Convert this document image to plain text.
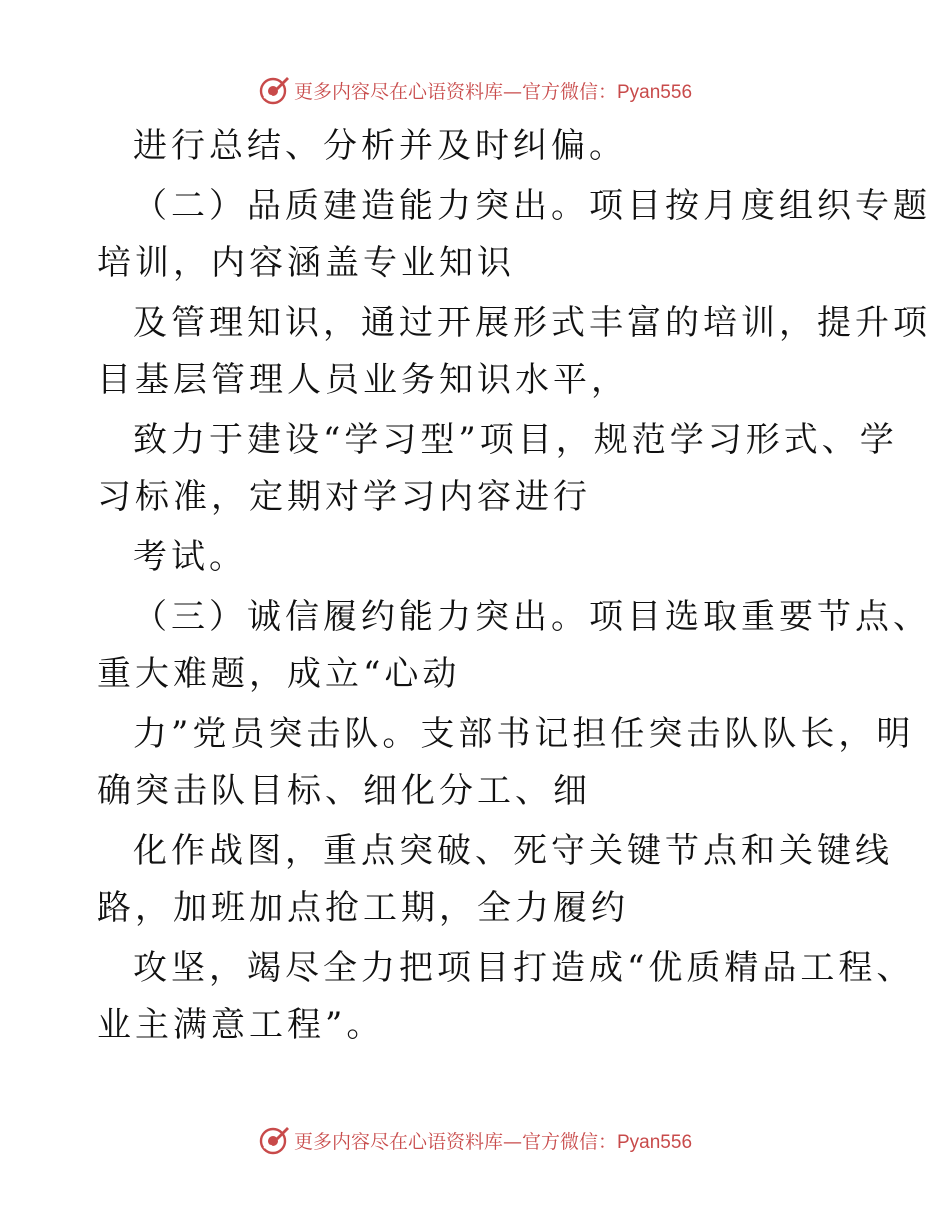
更多内容尽在心语资料库—官方微信：Pyan556
进行总结、分析并及时纠偏。
（二）品质建造能力突出。项目按月度组织专题
培训，内容涵盖专业知识
及管理知识，通过开展形式丰富的培训，提升项
目基层管理人员业务知识水平，
致力于建设“学习型”项目，规范学习形式、学
习标准，定期对学习内容进行
考试。
（三）诚信履约能力突出。项目选取重要节点、
重大难题，成立“心动
力”党员突击队。支部书记担任突击队队长，明
确突击队目标、细化分工、细
化作战图，重点突破、死守关键节点和关键线
路，加班加点抢工期，全力履约
攻坚，竭尽全力把项目打造成“优质精品工程、
业主满意工程”。
更多内容尽在心语资料库—官方微信：Pyan556
